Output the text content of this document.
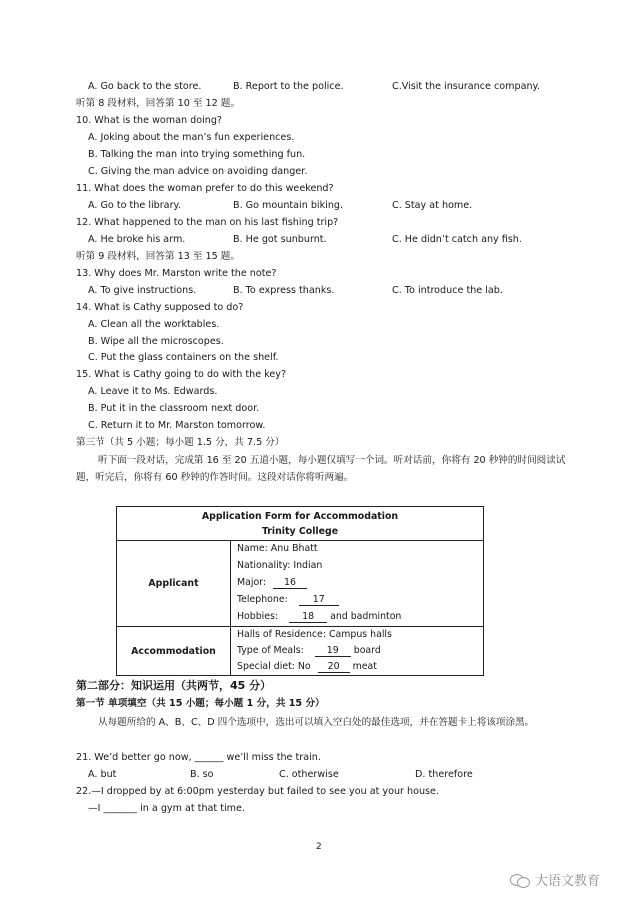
A. Go back to the store.	B. Report to the police.	C.Visit the insurance company.
听第 8 段材料，回答第 10 至 12 题。
10. What is the woman doing?
A. Joking about the man’s fun experiences.
B. Talking the man into trying something fun.
C. Giving the man advice on avoiding danger.
11. What does the woman prefer to do this weekend?
A. Go to the library.	B. Go mountain biking.	C. Stay at home.
12. What happened to the man on his last fishing trip?
A. He broke his arm.	B. He got sunburnt.	C. He didn’t catch any fish.
听第 9 段材料，回答第 13 至 15 题。
13. Why does Mr. Marston write the note?
A. To give instructions.	B. To express thanks.	C. To introduce the lab.
14. What is Cathy supposed to do?
A. Clean all the worktables.
B. Wipe all the microscopes.
C. Put the glass containers on the shelf.
15. What is Cathy going to do with the key?
A. Leave it to Ms. Edwards.
B. Put it in the classroom next door.
C. Return it to Mr. Marston tomorrow.
第三节（共 5 小题；每小题 1.5 分，共 7.5 分）
听下面一段对话，完成第 16 至 20 五道小题，每小题仅填写一个词。听对话前，你将有 20 秒钟的时间阅读试题，听完后，你将有 60 秒钟的作答时间。这段对话你将听两遍。
Application Form for Accommodation
Trinity College
Applicant
Name: Anu Bhatt
Nationality: Indian
Major: 16
Telephone:	17
Hobbies:	18 and badminton
Accommodation
Halls of Residence: Campus halls
Type of Meals: 19 board
Special diet: No 20 meat
第二部分：知识运用（共两节，45 分）
第一节 单项填空（共 15 小题；每小题 1 分，共 15 分）
从每题所给的 A、B、C、D 四个选项中，选出可以填入空白处的最佳选项，并在答题卡上将该项涂黑。
21. We’d better go now, ______ we’ll miss the train.
A. but	B. so	C. otherwise	D. therefore
22.—I dropped by at 6:00pm yesterday but failed to see you at your house.
—I _______ in a gym at that time.
2
大语文教育
